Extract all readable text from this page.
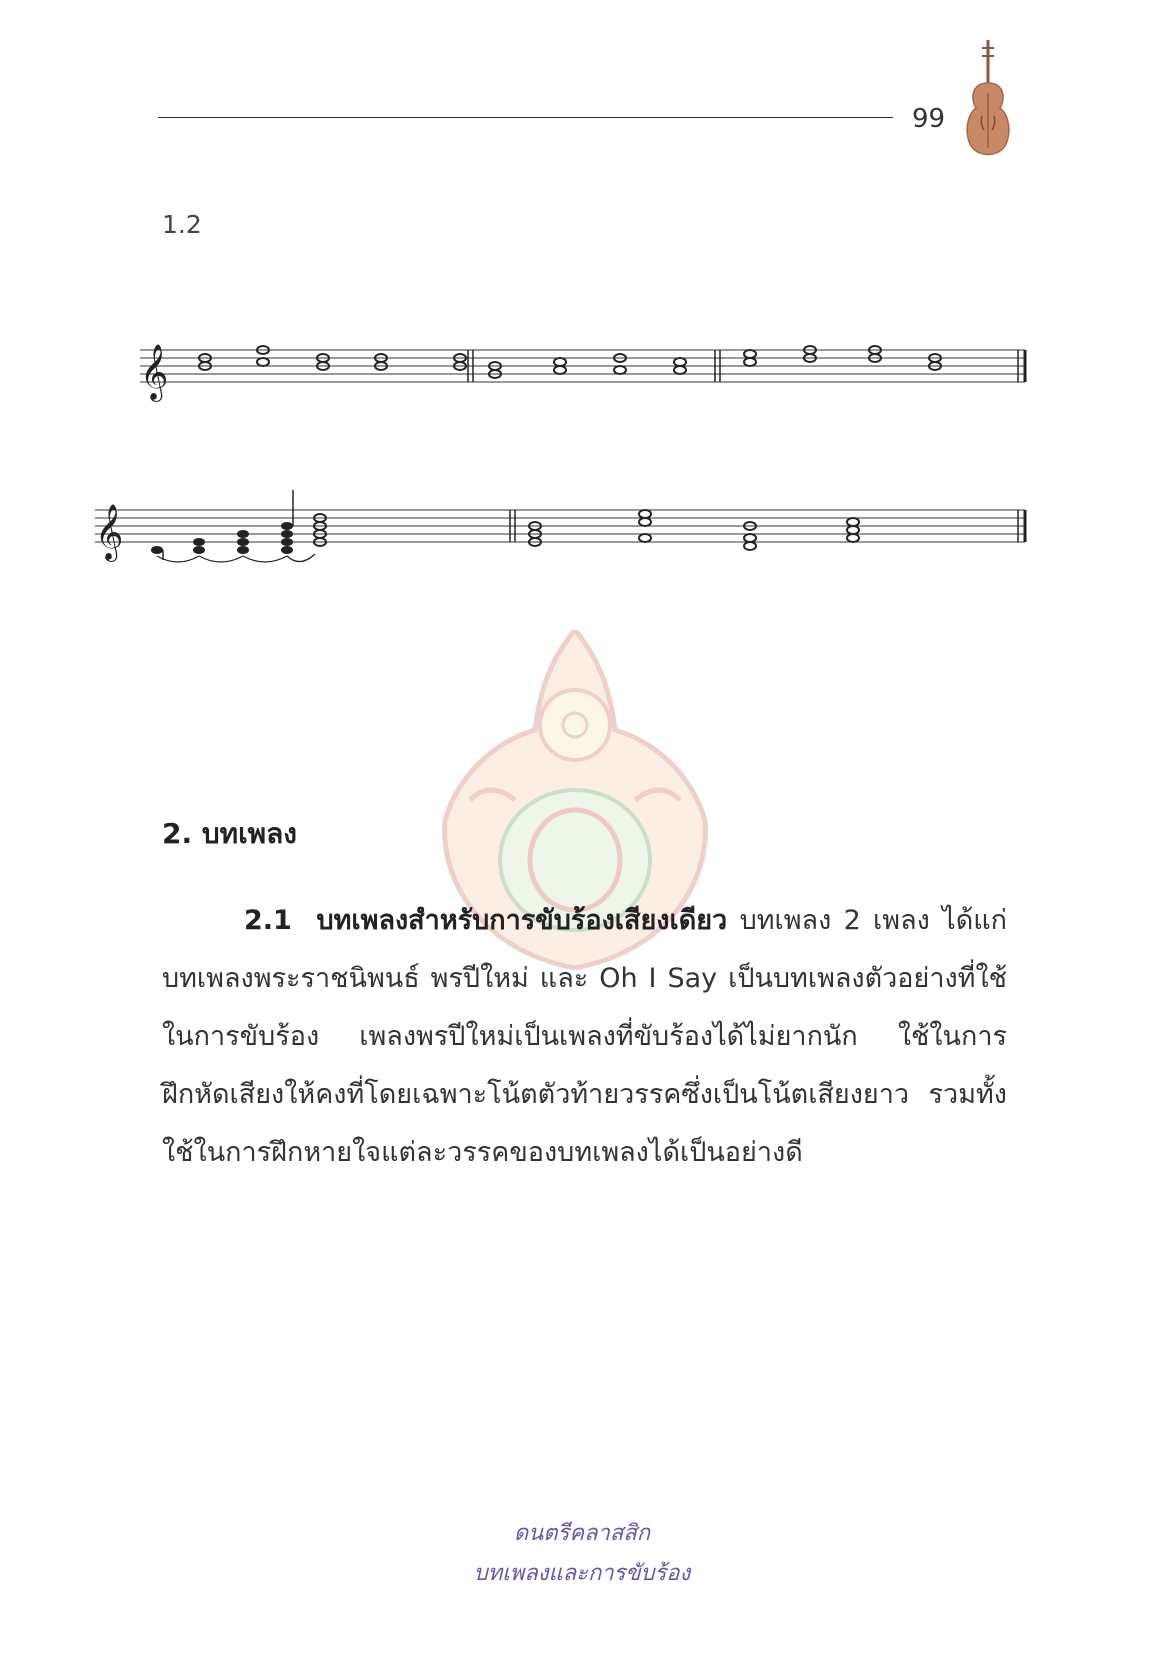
99
1.2
𝄞
𝄞
2. บทเพลง

2.1 บทเพลงสำหรับการขับร้องเสียงเดียว บทเพลง 2 เพลง ได้แก่ บทเพลงพระราชนิพนธ์ พรปีใหม่ และ Oh I Say เป็นบทเพลงตัวอย่างที่ใช้ในการขับร้อง เพลงพรปีใหม่เป็นเพลงที่ขับร้องได้ไม่ยากนัก ใช้ในการฝึกหัดเสียงให้คงที่โดยเฉพาะโน้ตตัวท้ายวรรคซึ่งเป็นโน้ตเสียงยาว รวมทั้งใช้ในการฝึกหายใจแต่ละวรรคของบทเพลงได้เป็นอย่างดี

ดนตรีคลาสสิก
บทเพลงและการขับร้อง
